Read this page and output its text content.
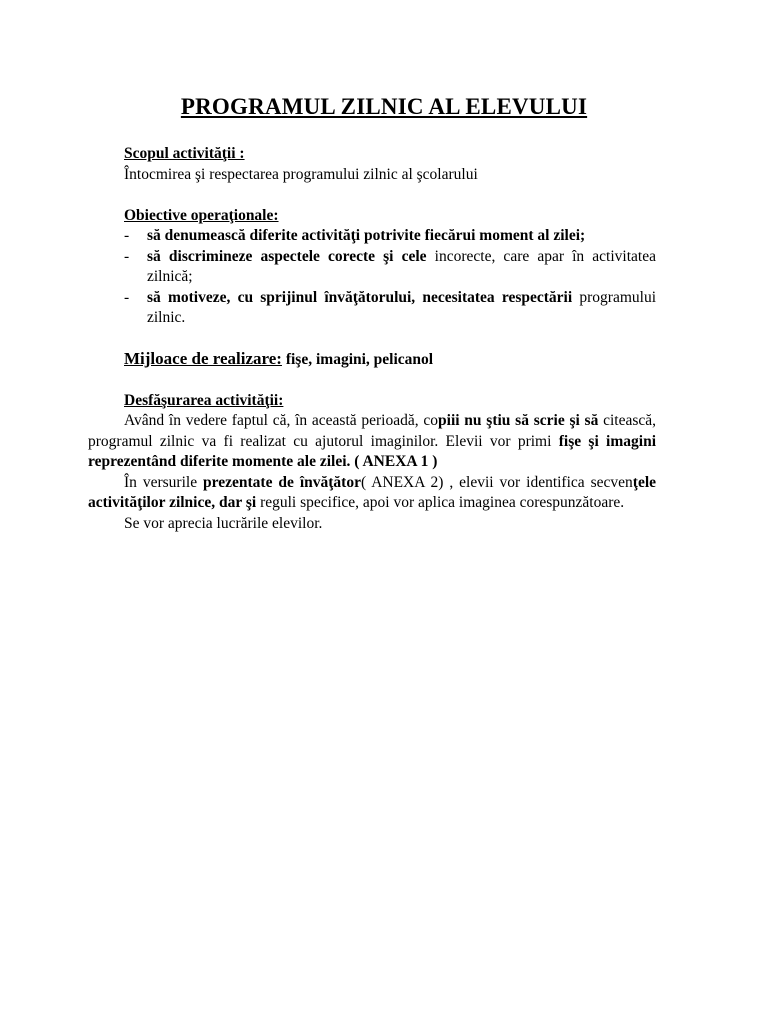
PROGRAMUL ZILNIC AL ELEVULUI
Scopul activităţii :
Întocmirea şi respectarea programului zilnic al şcolarului
Obiective operaţionale:
- să denumească diferite activităţi potrivite fiecărui moment al zilei;
- să discrimineze aspectele corecte şi cele incorecte, care apar în activitatea zilnică;
- să motiveze, cu sprijinul învăţătorului, necesitatea respectării programului zilnic.
Mijloace de realizare: fişe, imagini, pelicanol
Desfăşurarea activităţii:
Având în vedere faptul că, în această perioadă, copiii nu ştiu să scrie şi să citească, programul zilnic va fi realizat cu ajutorul imaginilor. Elevii vor primi fişe şi imagini reprezentând diferite momente ale zilei. ( ANEXA 1 )
În versurile prezentate de învăţător( ANEXA 2) , elevii vor identifica secvenţele activităţilor zilnice, dar şi reguli specifice, apoi vor aplica imaginea corespunzătoare.
Se vor aprecia lucrările elevilor.
